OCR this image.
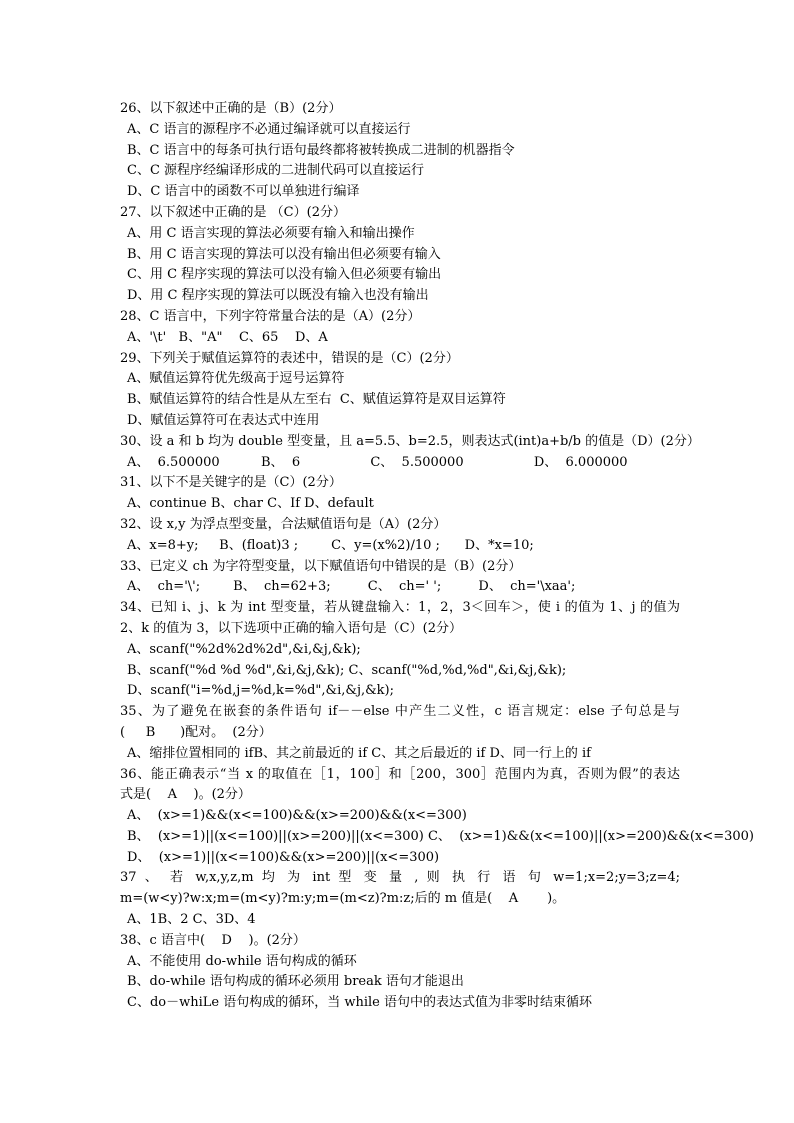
26、以下叙述中正确的是（B）(2分）
A、C 语言的源程序不必通过编译就可以直接运行
B、C 语言中的每条可执行语句最终都将被转换成二进制的机器指令
C、C 源程序经编译形成的二进制代码可以直接运行
D、C 语言中的函数不可以单独进行编译
27、以下叙述中正确的是 （C）(2分）
A、用 C 语言实现的算法必须要有输入和输出操作
B、用 C 语言实现的算法可以没有输出但必须要有输入
C、用 C 程序实现的算法可以没有输入但必须要有输出
D、用 C 程序实现的算法可以既没有输入也没有输出
28、C 语言中，下列字符常量合法的是（A）(2分）
A、'\t'   B、"A"    C、65    D、A
29、下列关于赋值运算符的表述中，错误的是（C）(2分）
A、赋值运算符优先级高于逗号运算符
B、赋值运算符的结合性是从左至右  C、赋值运算符是双目运算符
D、赋值运算符可在表达式中连用
30、设 a 和 b 均为 double 型变量，且 a=5.5、b=2.5，则表达式(int)a+b/b 的值是（D）(2分）
A、  6.500000          B、  6                 C、  5.500000                 D、  6.000000
31、以下不是关键字的是（C）(2分）
A、continue B、char C、If D、default
32、设 x,y 为浮点型变量，合法赋值语句是（A）(2分）
A、x=8+y;     B、(float)3 ;        C、y=(x%2)/10 ;      D、*x=10;
33、已定义 ch 为字符型变量，以下赋值语句中错误的是（B）(2分）
A、  ch='\';        B、  ch=62+3;         C、  ch=' ';         D、  ch='\xaa';
34、已知 i、j、k 为 int 型变量，若从键盘输入：1，2，3＜回车＞，使 i 的值为 1、j 的值为
2、k 的值为 3，以下选项中正确的输入语句是（C）(2分）
A、scanf("%2d%2d%2d",&i,&j,&k);
B、scanf("%d %d %d",&i,&j,&k); C、scanf("%d,%d,%d",&i,&j,&k);
D、scanf("i=%d,j=%d,k=%d",&i,&j,&k);
35、为了避免在嵌套的条件语句 if－－else 中产生二义性，c 语言规定：else 子句总是与
(     B      )配对。  (2分）
A、缩排位置相同的 ifB、其之前最近的 if C、其之后最近的 if D、同一行上的 if
36、能正确表示“当 x 的取值在［1，100］和［200，300］范围内为真，否则为假”的表达
式是(    A    )。(2分）
A、  (x>=1)&&(x<=100)&&(x>=200)&&(x<=300)
B、  (x>=1)||(x<=100)||(x>=200)||(x<=300) C、  (x>=1)&&(x<=100)||(x>=200)&&(x<=300)
D、  (x>=1)||(x<=100)&&(x>=200)||(x<=300)
37 、 若 w,x,y,z,m 均 为 int 型 变 量 , 则 执 行 语 句 w=1;x=2;y=3;z=4;
m=(w<y)?w:x;m=(m<y)?m:y;m=(m<z)?m:z;后的 m 值是(    A       )。
A、1B、2 C、3D、4
38、c 语言中(    D    )。(2分）
A、不能使用 do-while 语句构成的循环
B、do-while 语句构成的循环必须用 break 语句才能退出
C、do－whiLe 语句构成的循环，当 while 语句中的表达式值为非零时结束循环
